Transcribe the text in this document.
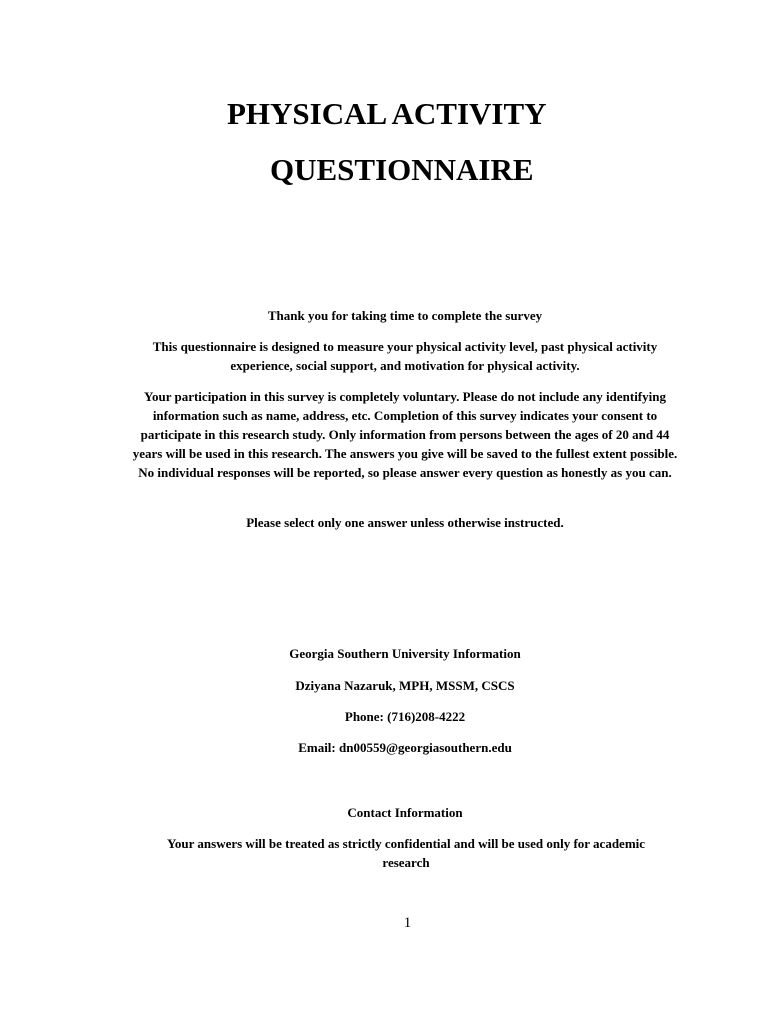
PHYSICAL ACTIVITY
QUESTIONNAIRE

Thank you for taking time to complete the survey

This questionnaire is designed to measure your physical activity level, past physical activity experience, social support, and motivation for physical activity.

Your participation in this survey is completely voluntary. Please do not include any identifying information such as name, address, etc. Completion of this survey indicates your consent to participate in this research study. Only information from persons between the ages of 20 and 44 years will be used in this research. The answers you give will be saved to the fullest extent possible. No individual responses will be reported, so please answer every question as honestly as you can.

Please select only one answer unless otherwise instructed.

Georgia Southern University Information

Dziyana Nazaruk, MPH, MSSM, CSCS

Phone: (716)208-4222

Email: dn00559@georgiasouthern.edu

Contact Information

Your answers will be treated as strictly confidential and will be used only for academic research

1
